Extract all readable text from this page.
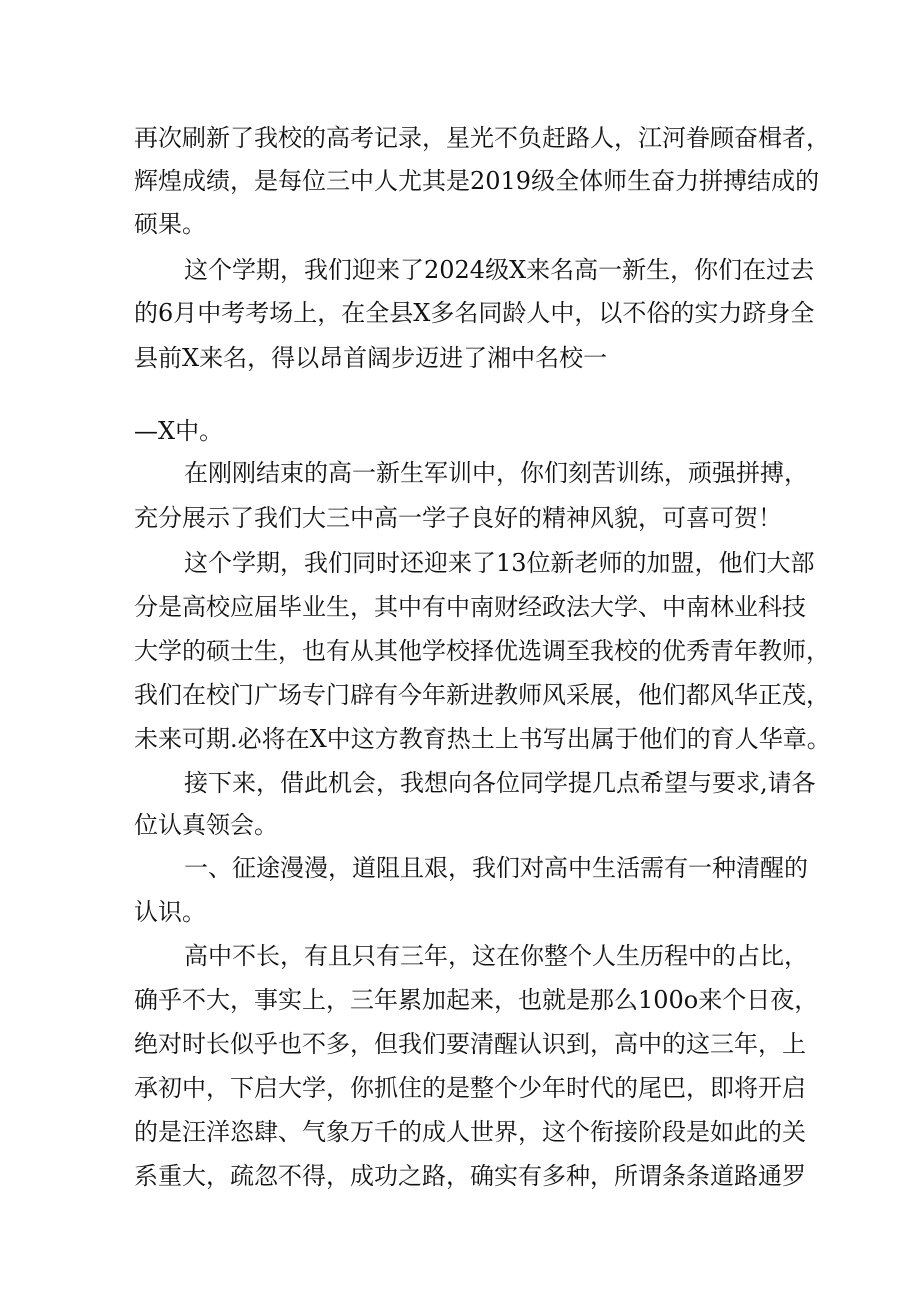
再次刷新了我校的高考记录，星光不负赶路人，江河眷顾奋楫者，
辉煌成绩，是每位三中人尤其是2019级全体师生奋力拼搏结成的
硕果。
这个学期，我们迎来了2024级X来名高一新生，你们在过去
的6月中考考场上，在全县X多名同龄人中，以不俗的实力跻身全
县前X来名，得以昂首阔步迈进了湘中名校一
—X中。
在刚刚结束的高一新生军训中，你们刻苦训练，顽强拼搏，
充分展示了我们大三中高一学子良好的精神风貌，可喜可贺！
这个学期，我们同时还迎来了13位新老师的加盟，他们大部
分是高校应届毕业生，其中有中南财经政法大学、中南林业科技
大学的硕士生，也有从其他学校择优选调至我校的优秀青年教师，
我们在校门广场专门辟有今年新进教师风采展，他们都风华正茂，
未来可期.必将在X中这方教育热土上书写出属于他们的育人华章。
接下来，借此机会，我想向各位同学提几点希望与要求,请各
位认真领会。
一、征途漫漫，道阻且艰，我们对高中生活需有一种清醒的
认识。
高中不长，有且只有三年，这在你整个人生历程中的占比，
确乎不大，事实上，三年累加起来，也就是那么100o来个日夜，
绝对时长似乎也不多，但我们要清醒认识到，高中的这三年，上
承初中，下启大学，你抓住的是整个少年时代的尾巴，即将开启
的是汪洋恣肆、气象万千的成人世界，这个衔接阶段是如此的关
系重大，疏忽不得，成功之路，确实有多种，所谓条条道路通罗
